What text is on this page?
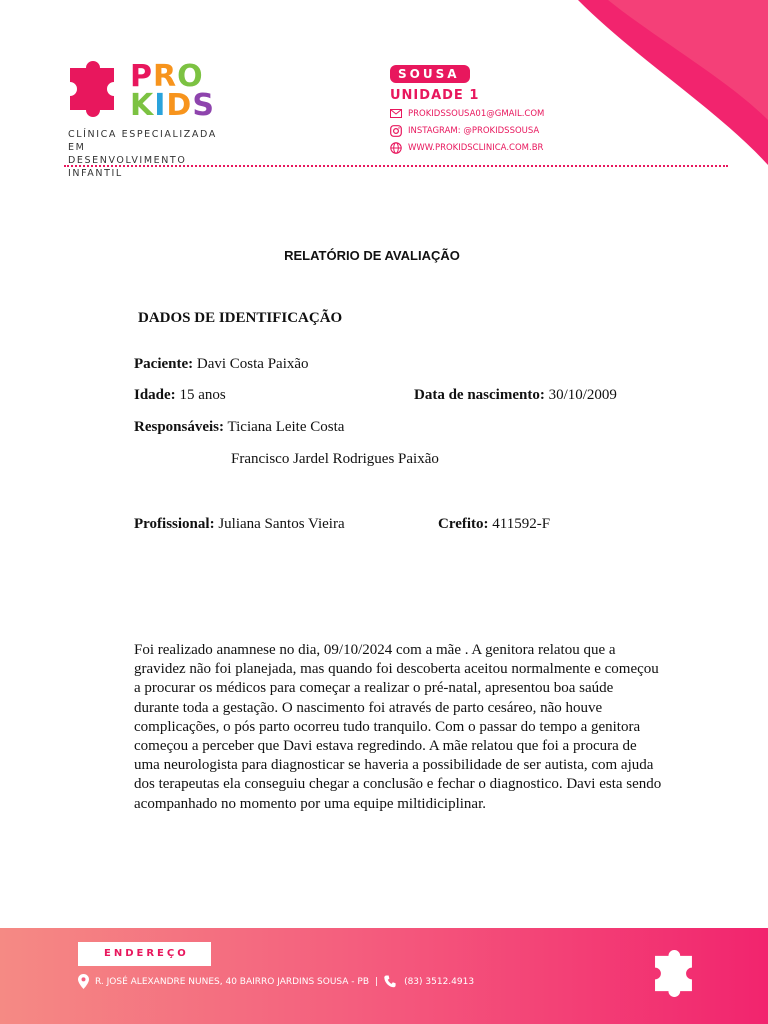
PRO
KIDS
CLÍNICA ESPECIALIZADA EM
DESENVOLVIMENTO INFANTIL
SOUSA
UNIDADE 1
PROKIDSSOUSA01@GMAIL.COM
INSTAGRAM: @PROKIDSSOUSA
WWW.PROKIDSCLINICA.COM.BR
RELATÓRIO DE AVALIAÇÃO
DADOS DE IDENTIFICAÇÃO
Paciente: Davi Costa Paixão
Idade: 15 anos	Data de nascimento: 30/10/2009
Responsáveis: Ticiana Leite Costa
Francisco Jardel Rodrigues Paixão
Profissional: Juliana Santos Vieira	Crefito: 411592-F
Foi realizado anamnese no dia, 09/10/2024 com a mãe . A genitora relatou que a gravidez não foi planejada, mas quando foi descoberta aceitou normalmente e começou a procurar os médicos para começar a realizar o pré-natal, apresentou boa saúde durante toda a gestação. O nascimento foi através de parto cesáreo, não houve complicações, o pós parto ocorreu tudo tranquilo. Com o passar do tempo a genitora começou a perceber que Davi estava regredindo. A mãe relatou que foi a procura de uma neurologista para diagnosticar se haveria a possibilidade de ser autista, com ajuda dos terapeutas ela conseguiu chegar a conclusão e fechar o diagnostico. Davi esta sendo acompanhado no momento por uma equipe miltidiciplinar.
ENDEREÇO
R. JOSÉ ALEXANDRE NUNES, 40 BAIRRO JARDINS SOUSA - PB |	(83) 3512.4913
